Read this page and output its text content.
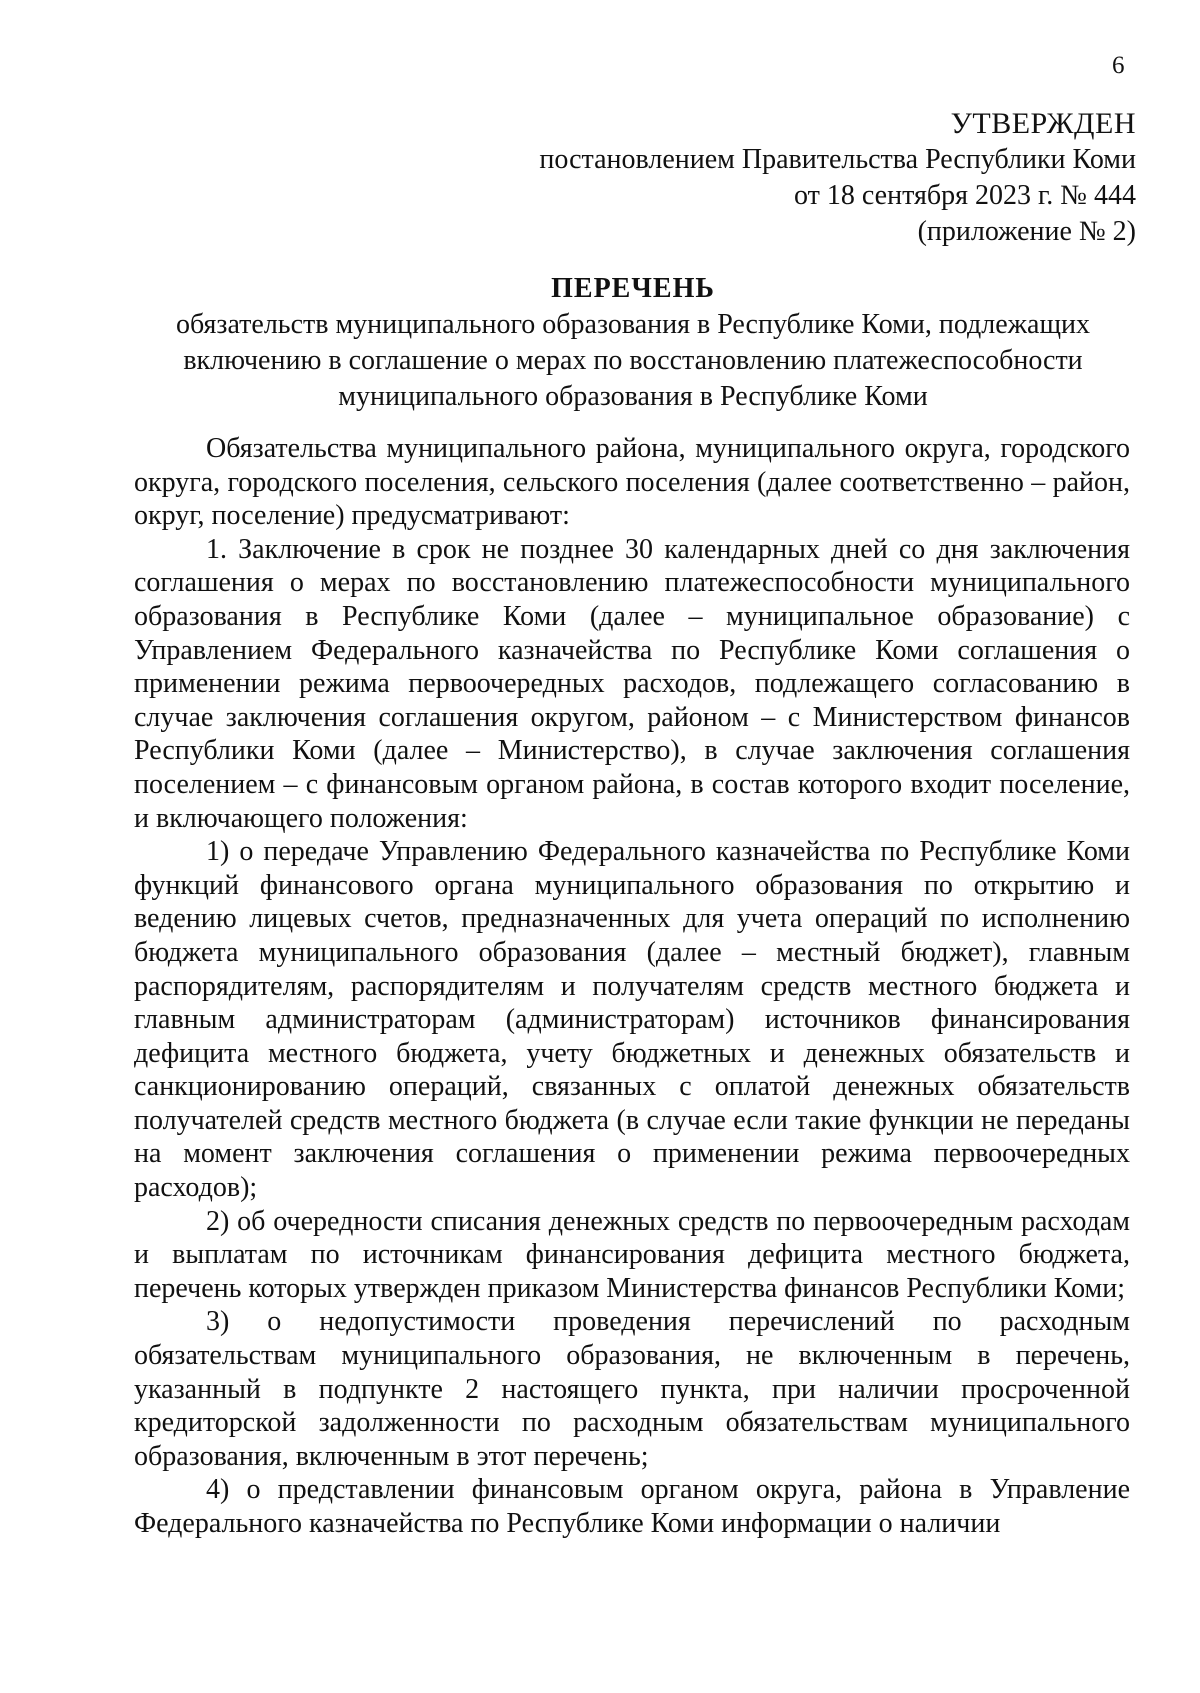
6
УТВЕРЖДЕН
постановлением Правительства Республики Коми
от 18 сентября 2023 г. № 444
(приложение № 2)
ПЕРЕЧЕНЬ
обязательств муниципального образования в Республике Коми, подлежащих
включению в соглашение о мерах по восстановлению платежеспособности
муниципального образования в Республике Коми

Обязательства муниципального района, муниципального округа, городского округа, городского поселения, сельского поселения (далее соответственно – район, округ, поселение) предусматривают:

1. Заключение в срок не позднее 30 календарных дней со дня заключения соглашения о мерах по восстановлению платежеспособности муниципального образования в Республике Коми (далее – муниципальное образование) с Управлением Федерального казначейства по Республике Коми соглашения о применении режима первоочередных расходов, подлежащего согласованию в случае заключения соглашения округом, районом – с Министерством финансов Республики Коми (далее – Министерство), в случае заключения соглашения поселением – с финансовым органом района, в состав которого входит поселение, и включающего положения:

1) о передаче Управлению Федерального казначейства по Республике Коми функций финансового органа муниципального образования по открытию и ведению лицевых счетов, предназначенных для учета операций по исполнению бюджета муниципального образования (далее – местный бюджет), главным распорядителям, распорядителям и получателям средств местного бюджета и главным администраторам (администраторам) источников финансирования дефицита местного бюджета, учету бюджетных и денежных обязательств и санкционированию операций, связанных с оплатой денежных обязательств получателей средств местного бюджета (в случае если такие функции не переданы на момент заключения соглашения о применении режима первоочередных расходов);

2) об очередности списания денежных средств по первоочередным расходам и выплатам по источникам финансирования дефицита местного бюджета, перечень которых утвержден приказом Министерства финансов Республики Коми;

3) о недопустимости проведения перечислений по расходным обязательствам муниципального образования, не включенным в перечень, указанный в подпункте 2 настоящего пункта, при наличии просроченной кредиторской задолженности по расходным обязательствам муниципального образования, включенным в этот перечень;

4) о представлении финансовым органом округа, района в Управление Федерального казначейства по Республике Коми информации о наличии
